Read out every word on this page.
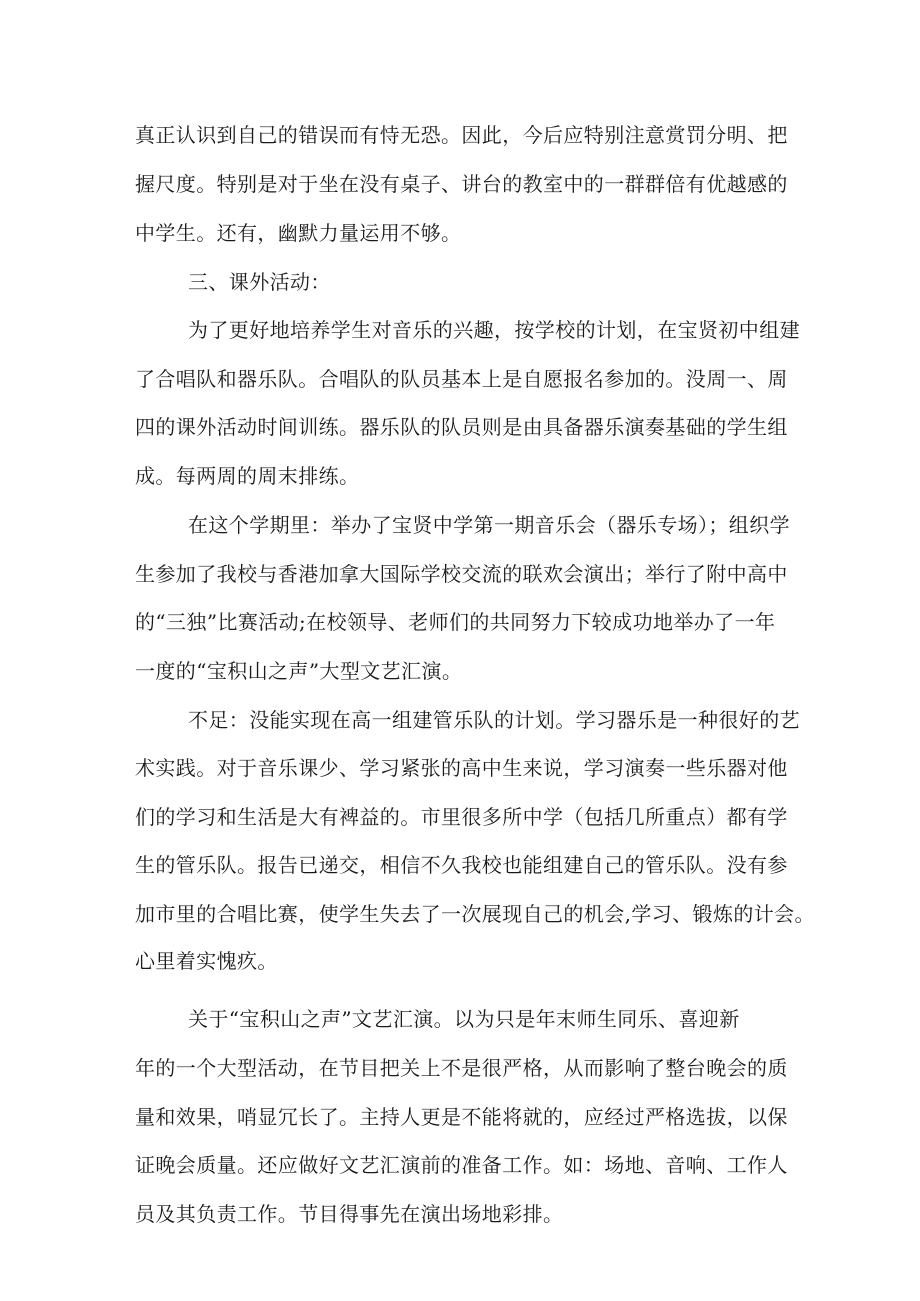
真正认识到自己的错误而有恃无恐。因此，今后应特别注意赏罚分明、把

握尺度。特别是对于坐在没有桌子、讲台的教室中的一群群倍有优越感的

中学生。还有，幽默力量运用不够。

三、课外活动：

为了更好地培养学生对音乐的兴趣，按学校的计划，在宝贤初中组建

了合唱队和器乐队。合唱队的队员基本上是自愿报名参加的。没周一、周

四的课外活动时间训练。器乐队的队员则是由具备器乐演奏基础的学生组

成。每两周的周末排练。

在这个学期里：举办了宝贤中学第一期音乐会（器乐专场）；组织学

生参加了我校与香港加拿大国际学校交流的联欢会演出；举行了附中高中

的“三独”比赛活动;在校领导、老师们的共同努力下较成功地举办了一年

一度的“宝积山之声”大型文艺汇演。

不足：没能实现在高一组建管乐队的计划。学习器乐是一种很好的艺

术实践。对于音乐课少、学习紧张的高中生来说，学习演奏一些乐器对他

们的学习和生活是大有裨益的。市里很多所中学（包括几所重点）都有学

生的管乐队。报告已递交，相信不久我校也能组建自己的管乐队。没有参

加市里的合唱比赛，使学生失去了一次展现自己的机会,学习、锻炼的计会。

心里着实愧疚。

关于“宝积山之声”文艺汇演。以为只是年末师生同乐、喜迎新

年的一个大型活动，在节目把关上不是很严格，从而影响了整台晚会的质

量和效果，哨显冗长了。主持人更是不能将就的，应经过严格选拔，以保

证晚会质量。还应做好文艺汇演前的准备工作。如：场地、音响、工作人

员及其负责工作。节目得事先在演出场地彩排。
